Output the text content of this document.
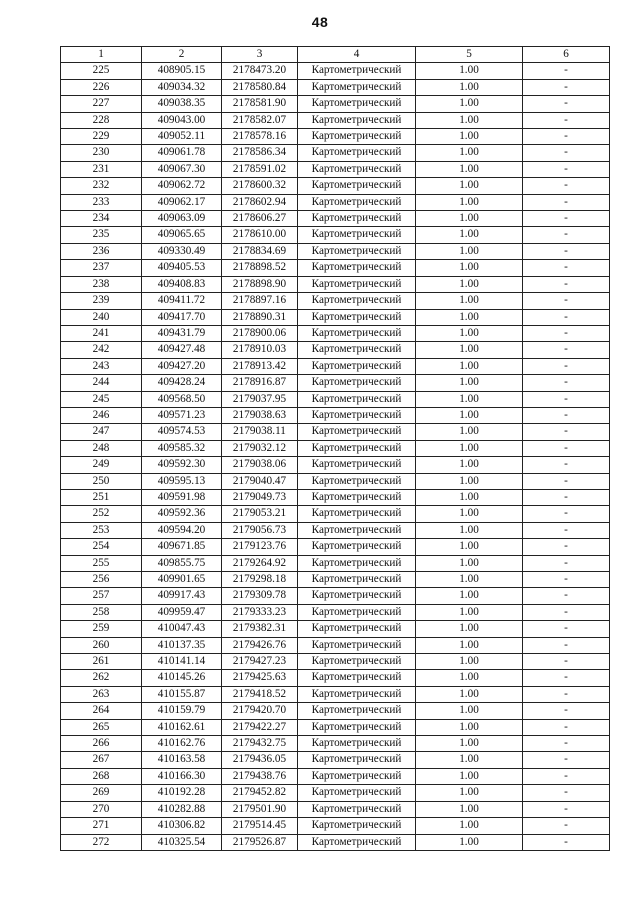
48
1	2	3	4	5	6
225	408905.15	2178473.20	Картометрический	1.00	-
226	409034.32	2178580.84	Картометрический	1.00	-
227	409038.35	2178581.90	Картометрический	1.00	-
228	409043.00	2178582.07	Картометрический	1.00	-
229	409052.11	2178578.16	Картометрический	1.00	-
230	409061.78	2178586.34	Картометрический	1.00	-
231	409067.30	2178591.02	Картометрический	1.00	-
232	409062.72	2178600.32	Картометрический	1.00	-
233	409062.17	2178602.94	Картометрический	1.00	-
234	409063.09	2178606.27	Картометрический	1.00	-
235	409065.65	2178610.00	Картометрический	1.00	-
236	409330.49	2178834.69	Картометрический	1.00	-
237	409405.53	2178898.52	Картометрический	1.00	-
238	409408.83	2178898.90	Картометрический	1.00	-
239	409411.72	2178897.16	Картометрический	1.00	-
240	409417.70	2178890.31	Картометрический	1.00	-
241	409431.79	2178900.06	Картометрический	1.00	-
242	409427.48	2178910.03	Картометрический	1.00	-
243	409427.20	2178913.42	Картометрический	1.00	-
244	409428.24	2178916.87	Картометрический	1.00	-
245	409568.50	2179037.95	Картометрический	1.00	-
246	409571.23	2179038.63	Картометрический	1.00	-
247	409574.53	2179038.11	Картометрический	1.00	-
248	409585.32	2179032.12	Картометрический	1.00	-
249	409592.30	2179038.06	Картометрический	1.00	-
250	409595.13	2179040.47	Картометрический	1.00	-
251	409591.98	2179049.73	Картометрический	1.00	-
252	409592.36	2179053.21	Картометрический	1.00	-
253	409594.20	2179056.73	Картометрический	1.00	-
254	409671.85	2179123.76	Картометрический	1.00	-
255	409855.75	2179264.92	Картометрический	1.00	-
256	409901.65	2179298.18	Картометрический	1.00	-
257	409917.43	2179309.78	Картометрический	1.00	-
258	409959.47	2179333.23	Картометрический	1.00	-
259	410047.43	2179382.31	Картометрический	1.00	-
260	410137.35	2179426.76	Картометрический	1.00	-
261	410141.14	2179427.23	Картометрический	1.00	-
262	410145.26	2179425.63	Картометрический	1.00	-
263	410155.87	2179418.52	Картометрический	1.00	-
264	410159.79	2179420.70	Картометрический	1.00	-
265	410162.61	2179422.27	Картометрический	1.00	-
266	410162.76	2179432.75	Картометрический	1.00	-
267	410163.58	2179436.05	Картометрический	1.00	-
268	410166.30	2179438.76	Картометрический	1.00	-
269	410192.28	2179452.82	Картометрический	1.00	-
270	410282.88	2179501.90	Картометрический	1.00	-
271	410306.82	2179514.45	Картометрический	1.00	-
272	410325.54	2179526.87	Картометрический	1.00	-
